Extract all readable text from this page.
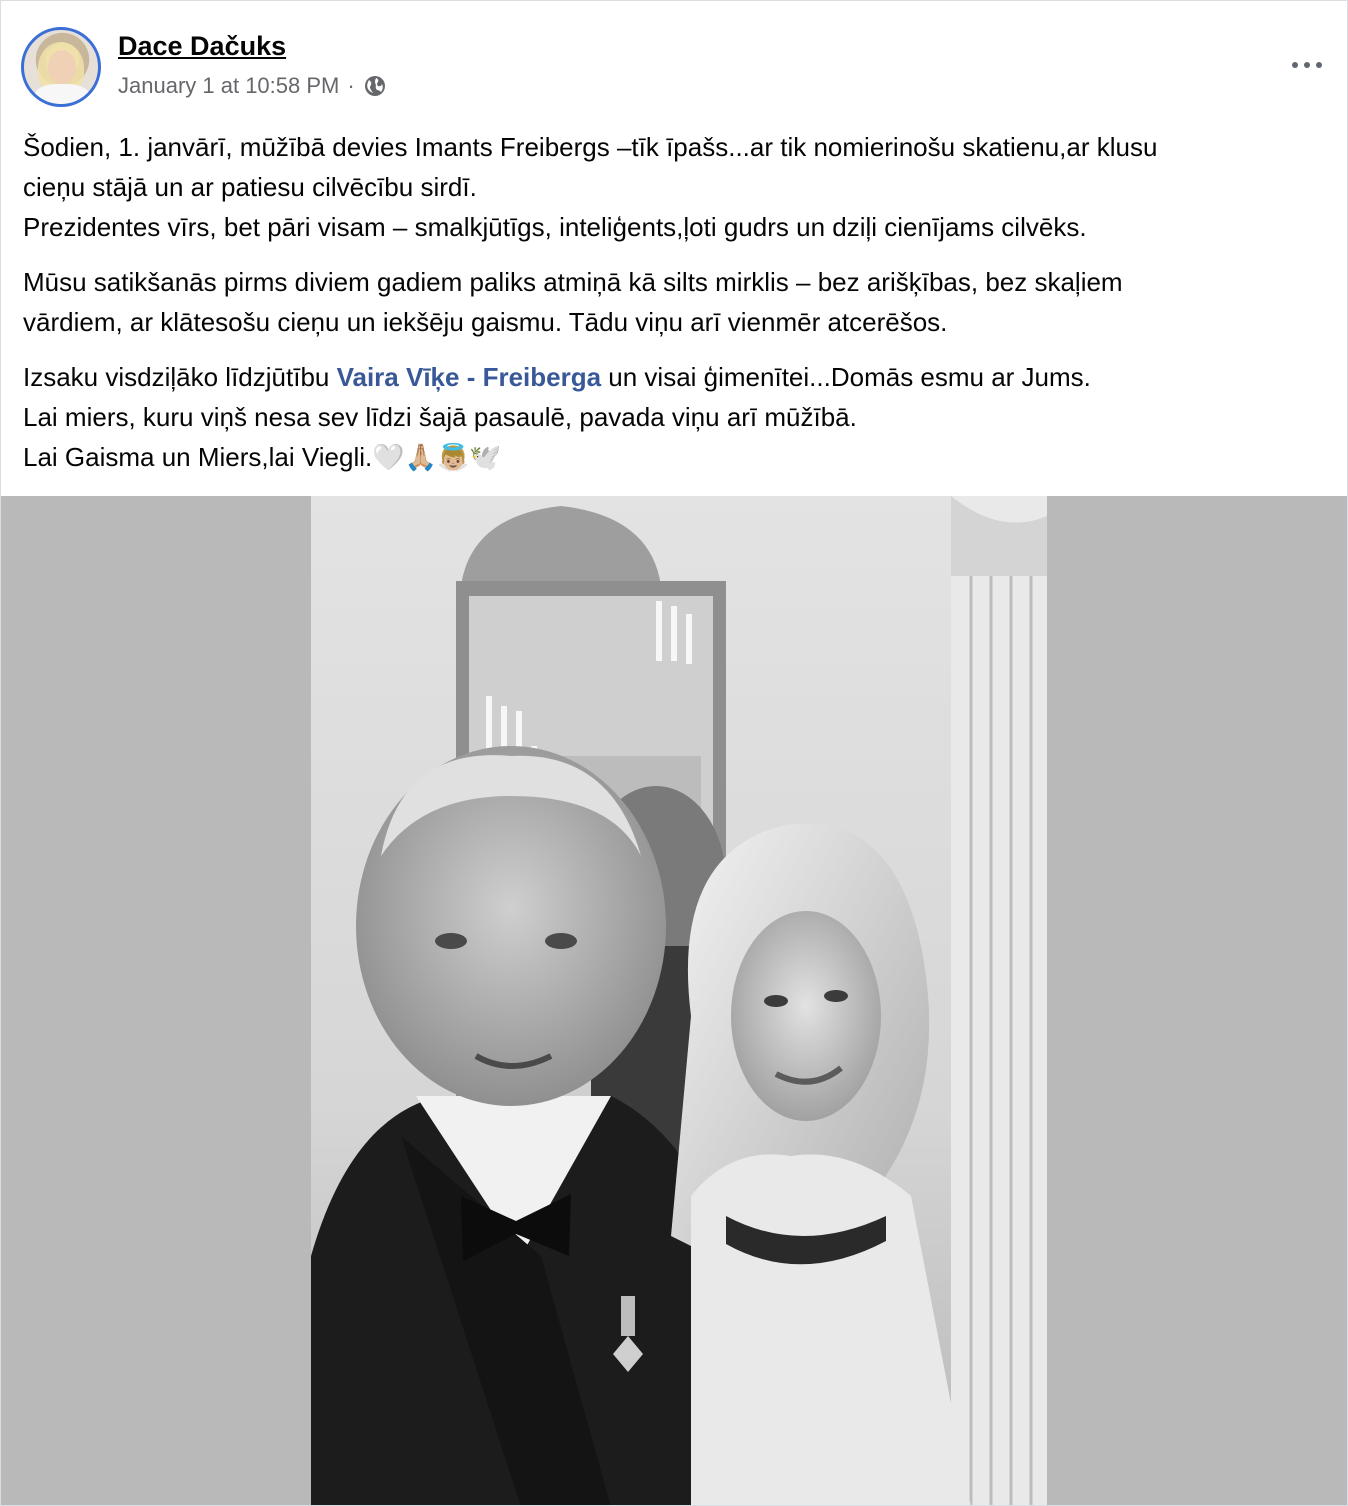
Dace Dačuks
January 1 at 10:58 PM ·

Šodien, 1. janvārī, mūžībā devies Imants Freibergs –tīk īpašs...ar tik nomierinošu skatienu,ar klusu
cieņu stājā un ar patiesu cilvēcību sirdī.
Prezidentes vīrs, bet pāri visam – smalkjūtīgs, inteliģents,ļoti gudrs un dziļi cienījams cilvēks.

Mūsu satikšanās pirms diviem gadiem paliks atmiņā kā silts mirklis – bez arišķības, bez skaļiem
vārdiem, ar klātesošu cieņu un iekšēju gaismu. Tādu viņu arī vienmēr atcerēšos.

Izsaku visdziļāko līdzjūtību Vaira Vīķe - Freiberga un visai ģimenītei...Domās esmu ar Jums.
Lai miers, kuru viņš nesa sev līdzi šajā pasaulē, pavada viņu arī mūžībā.
Lai Gaisma un Miers,lai Viegli.🤍🙏🏼👼🏼🕊️
